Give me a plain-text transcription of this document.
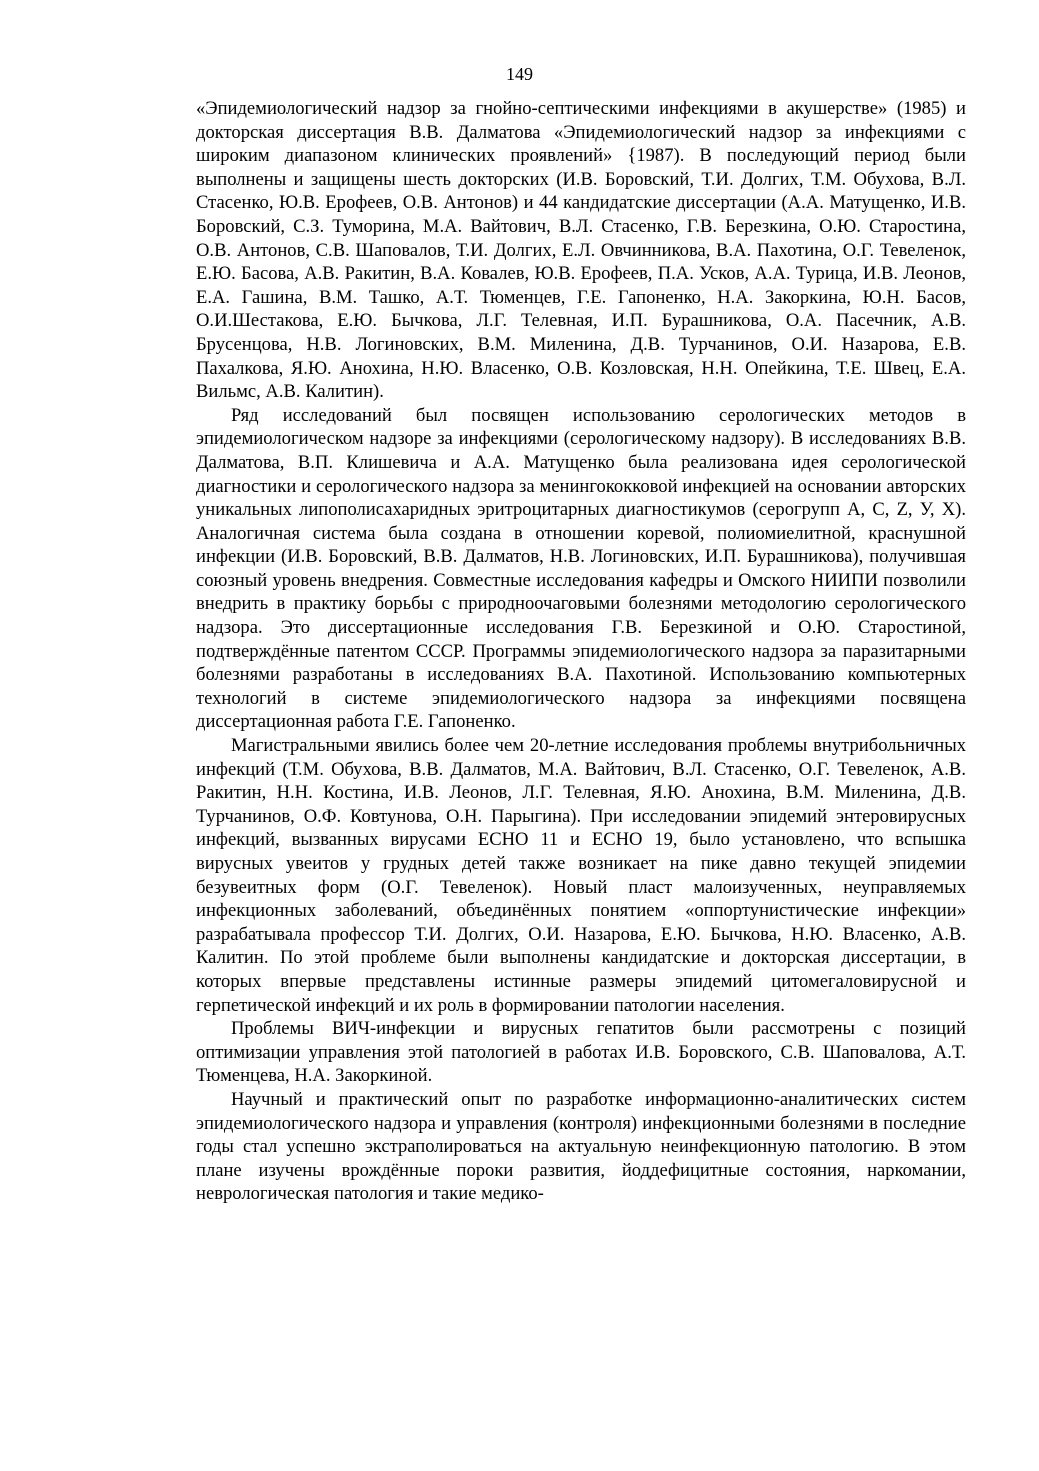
149

«Эпидемиологический надзор за гнойно-септическими инфекциями в акушерстве» (1985) и докторская диссертация В.В. Далматова «Эпидемиологический надзор за инфекциями с широким диапазоном клинических проявлений» {1987). В последующий период были выполнены и защищены шесть докторских (И.В. Боровский, Т.И. Долгих, Т.М. Обухова, В.Л. Стасенко, Ю.В. Ерофеев, О.В. Антонов) и 44 кандидатские диссертации (А.А. Матущенко, И.В. Боровский, С.З. Туморина, М.А. Вайтович, В.Л. Стасенко, Г.В. Березкина, О.Ю. Старостина, О.В. Антонов, С.В. Шаповалов, Т.И. Долгих, Е.Л. Овчинникова, В.А. Пахотина, О.Г. Тевеленок, Е.Ю. Басова, А.В. Ракитин, В.А. Ковалев, Ю.В. Ерофеев, П.А. Усков, А.А. Турица, И.В. Леонов, Е.А. Гашина, В.М. Ташко, А.Т. Тюменцев, Г.Е. Гапоненко, Н.А. Закоркина, Ю.Н. Басов, О.И.Шестакова, Е.Ю. Бычкова, Л.Г. Телевная, И.П. Бурашникова, О.А. Пасечник, А.В. Брусенцова, Н.В. Логиновских, В.М. Миленина, Д.В. Турчанинов, О.И. Назарова, Е.В. Пахалкова, Я.Ю. Анохина, Н.Ю. Власенко, О.В. Козловская, Н.Н. Опейкина, Т.Е. Швец, Е.А. Вильмс, А.В. Калитин).

Ряд исследований был посвящен использованию серологических методов в эпидемиологическом надзоре за инфекциями (серологическому надзору). В исследованиях В.В. Далматова, В.П. Клишевича и А.А. Матущенко была реализована идея серологической диагностики и серологического надзора за менингококковой инфекцией на основании авторских уникальных липополисахаридных эритроцитарных диагностикумов (серогрупп А, С, Z, У, Х). Аналогичная система была создана в отношении коревой, полиомиелитной, краснушной инфекции (И.В. Боровский, В.В. Далматов, Н.В. Логиновских, И.П. Бурашникова), получившая союзный уровень внедрения. Совместные исследования кафедры и Омского НИИПИ позволили внедрить в практику борьбы с природноочаговыми болезнями методологию серологического надзора. Это диссертационные исследования Г.В. Березкиной и О.Ю. Старостиной, подтверждённые патентом СССР. Программы эпидемиологического надзора за паразитарными болезнями разработаны в исследованиях В.А. Пахотиной. Использованию компьютерных технологий в системе эпидемиологического надзора за инфекциями посвящена диссертационная работа Г.Е. Гапоненко.

Магистральными явились более чем 20-летние исследования проблемы внутрибольничных инфекций (Т.М. Обухова, В.В. Далматов, М.А. Вайтович, В.Л. Стасенко, О.Г. Тевеленок, А.В. Ракитин, Н.Н. Костина, И.В. Леонов, Л.Г. Телевная, Я.Ю. Анохина, В.М. Миленина, Д.В. Турчанинов, О.Ф. Ковтунова, О.Н. Парыгина). При исследовании эпидемий энтеровирусных инфекций, вызванных вирусами ЕСНО 11 и ЕСНО 19, было установлено, что вспышка вирусных увеитов у грудных детей также возникает на пике давно текущей эпидемии безувеитных форм (О.Г. Тевеленок). Новый пласт малоизученных, неуправляемых инфекционных заболеваний, объединённых понятием «оппортунистические инфекции» разрабатывала профессор Т.И. Долгих, О.И. Назарова, Е.Ю. Бычкова, Н.Ю. Власенко, А.В. Калитин. По этой проблеме были выполнены кандидатские и докторская диссертации, в которых впервые представлены истинные размеры эпидемий цитомегаловирусной и герпетической инфекций и их роль в формировании патологии населения.

Проблемы ВИЧ-инфекции и вирусных гепатитов были рассмотрены с позиций оптимизации управления этой патологией в работах И.В. Боровского, С.В. Шаповалова, А.Т. Тюменцева, Н.А. Закоркиной.

Научный и практический опыт по разработке информационно-аналитических систем эпидемиологического надзора и управления (контроля) инфекционными болезнями в последние годы стал успешно экстраполироваться на актуальную неинфекционную патологию. В этом плане изучены врождённые пороки развития, йоддефицитные состояния, наркомании, неврологическая патология и такие медико-
